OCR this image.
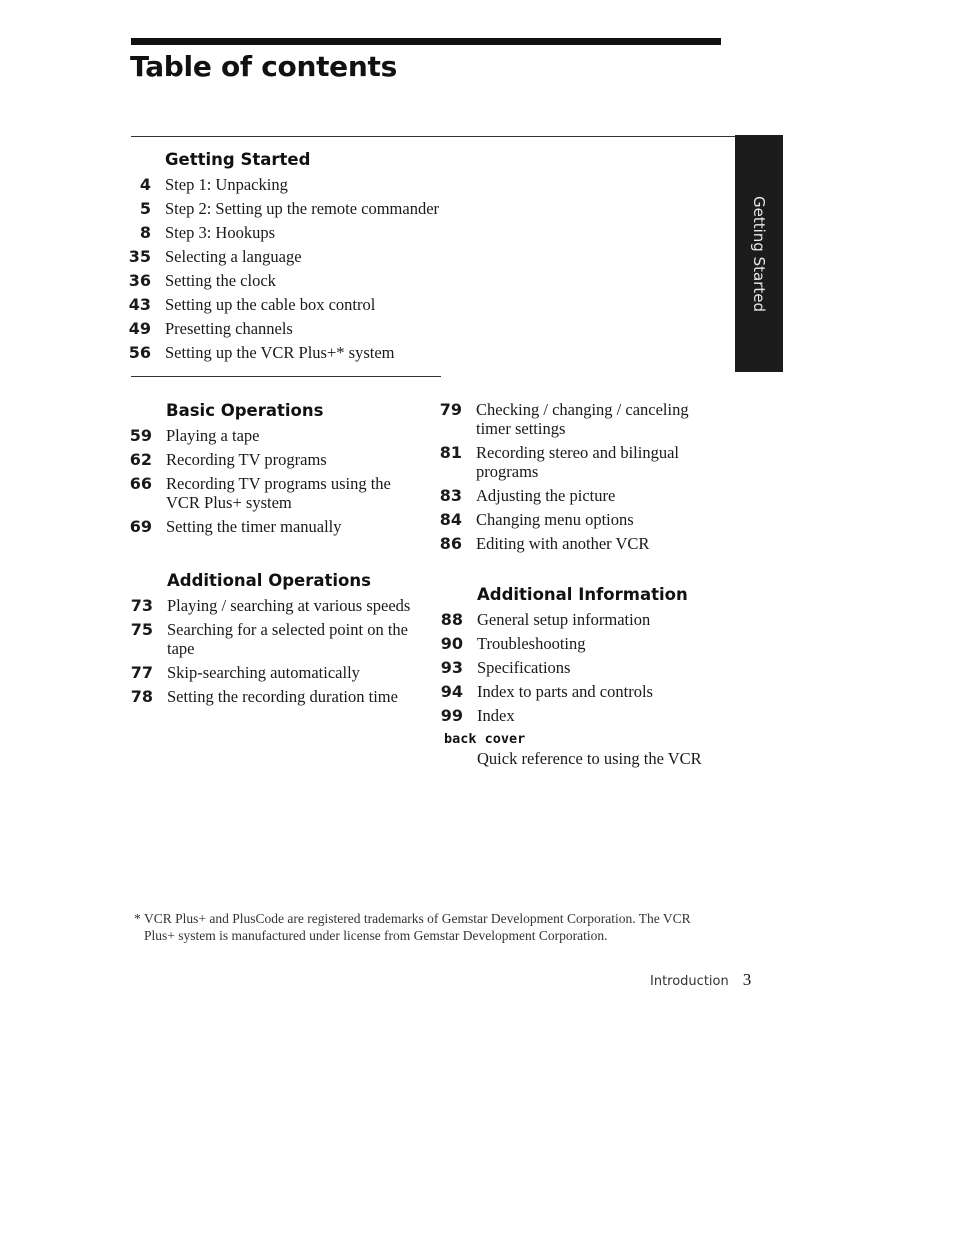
Table of contents
Getting Started
Getting Started
4 Step 1: Unpacking
5 Step 2: Setting up the remote commander
8 Step 3: Hookups
35 Selecting a language
36 Setting the clock
43 Setting up the cable box control
49 Presetting channels
56 Setting up the VCR Plus+* system
Basic Operations
59 Playing a tape
62 Recording TV programs
66 Recording TV programs using the VCR Plus+ system
69 Setting the timer manually
79 Checking / changing / canceling timer settings
81 Recording stereo and bilingual programs
83 Adjusting the picture
84 Changing menu options
86 Editing with another VCR
Additional Operations
73 Playing / searching at various speeds
75 Searching for a selected point on the tape
77 Skip-searching automatically
78 Setting the recording duration time
Additional Information
88 General setup information
90 Troubleshooting
93 Specifications
94 Index to parts and controls
99 Index
back cover
Quick reference to using the VCR
* VCR Plus+ and PlusCode are registered trademarks of Gemstar Development Corporation. The VCR Plus+ system is manufactured under license from Gemstar Development Corporation.
Introduction 3
